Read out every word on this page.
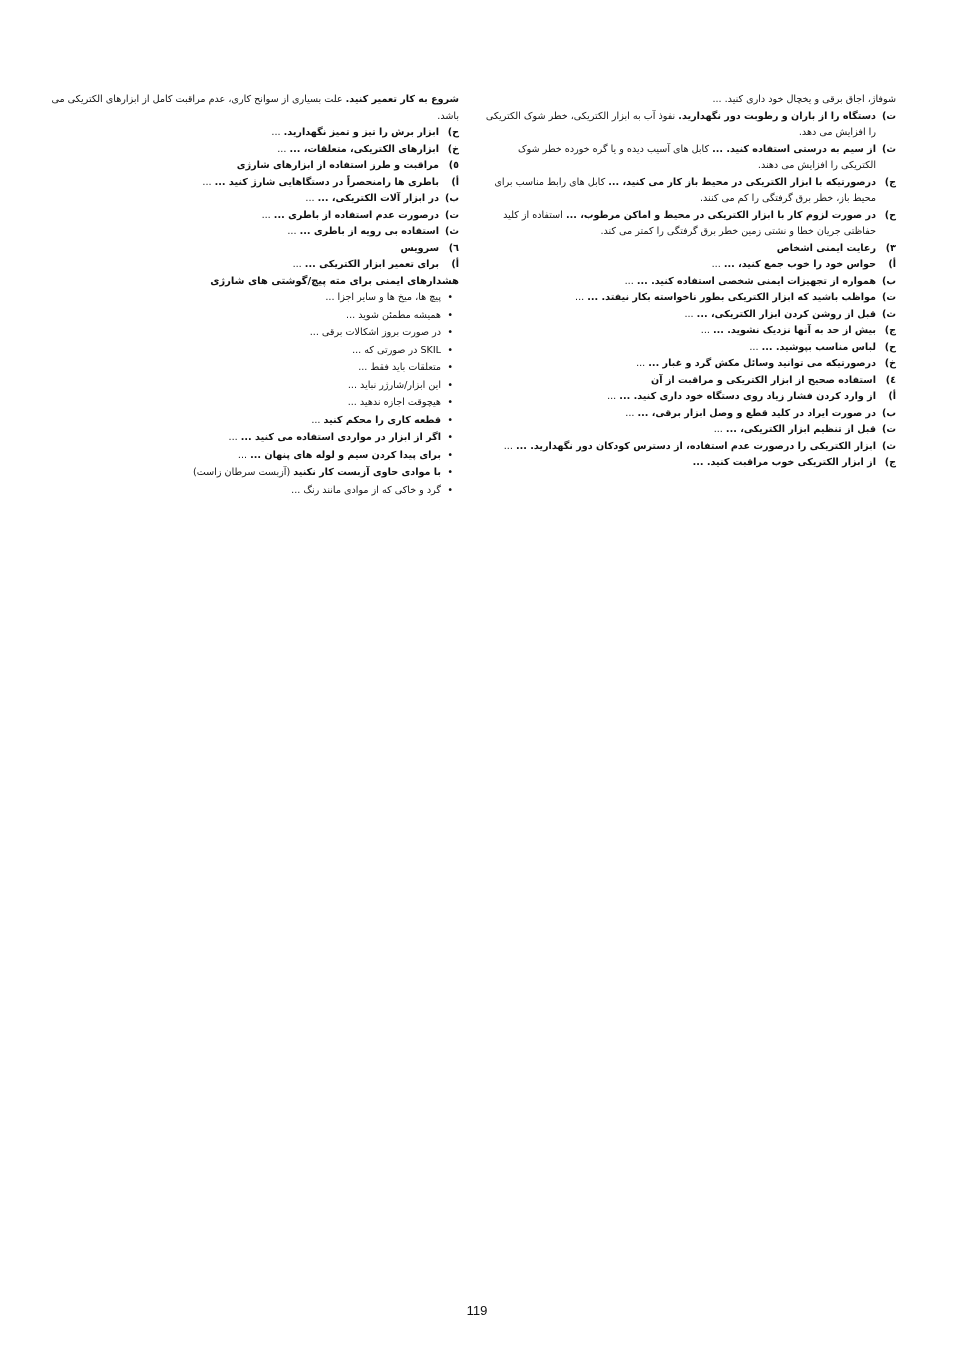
شوفاژ، اجاق برقی و یخچال خود داری کنید. ...

ت)
دستگاه را از باران و رطوبت دور نگهدارید. نفوذ آب به ابزار الکتریکی، خطر شوک الکتریکی را افزایش می دهد.
ث)
از سیم به درستی استفاده کنید. ... کابل های آسیب دیده و یا گره خورده خطر شوک الکتریکی را افزایش می دهند.
ج)
درصورتیکه با ابزار الکتریکی در محیط باز کار می کنید، ... کابل های رابط مناسب برای محیط باز، خطر برق گرفتگی را کم می کنند.
ح)
در صورت لزوم کار با ابزار الکتریکی در محیط و اماکن مرطوب، ... استفاده از کلید حفاظتی جریان خطا و نشتی زمین خطر برق گرفتگی را کمتر می کند.
۳)
رعایت ایمنی اشخاص
أ)
حواس خود را خوب جمع کنید، ... ...
ب)
همواره از تجهیزات ایمنی شخصی استفاده کنید. ... ...
ت)
مواظب باشید که ابزار الکتریکی بطور ناخواسته بکار نیفتد. ... ...
ث)
قبل از روشن کردن ابزار الکتریکی، ... ...
ج)
بیش از حد به آنها نزدیک نشوید. ... ...
ح)
لباس مناسب بپوشید. ... ...
خ)
درصورتیکه می توانید وسائل مکش گرد و غبار ... ...
٤)
استفاده صحیح از ابزار الکتریکی و مراقبت از آن
أ)
از وارد کردن فشار زیاد روی دستگاه خود داری کنید. ... ...
ب)
در صورت ایراد در کلید قطع و وصل ابزار برقی، ... ...
ت)
قبل از تنظیم ابزار الکتریکی، ... ...
ث)
ابزار الکتریکی را درصورت عدم استفاده، از دسترس کودکان دور نگهدارید. ... ...
ج)
از ابزار الکتریکی خوب مراقبت کنید. ...

شروع به کار تعمیر کنید. علت بسیاری از سوانح کاری، عدم مراقبت کامل از ابزارهای الکتریکی می باشد.

ح)
ابزار برش را تیز و تمیز نگهدارید. ...
خ)
ابزارهای الکتریکی، متعلقات، ... ...
٥)
مراقبت و طرز استفاده از ابزارهای شارژی
أ)
باطری ها رامنحصراً در دستگاهایی شارژ کنید ... ...
ب)
در ابزار آلات الکتریکی، ... ...
ت)
درصورت عدم استفاده از باطری ... ...
ث)
استفاده بی رویه از باطری ... ...
٦)
سرویس
أ)
برای تعمیر ابزار الکتریکی ... ...
هشدارهای ایمنی برای مته پیچ/گوشتی های شارژی
• پیچ ها، میخ ها و سایر اجزا ...
• همیشه مطمئن شوید ...
• در صورت بروز اشکالات برقی ...
• SKIL در صورتی که ...
• متعلقات باید فقط ...
• این ابزار/شارژر نباید ...
• هیچوقت اجازه ندهید ...
• قطعه کاری را محکم کنید ...
• اگر از ابزار در مواردی استفاده می کنید ... ...
• برای پیدا کردن سیم و لوله های پنهان ... ...
• با موادی حاوی آزبست کار نکنید (آزبست سرطان زاست)
• گرد و خاکی که از موادی مانند رنگ ...
119
